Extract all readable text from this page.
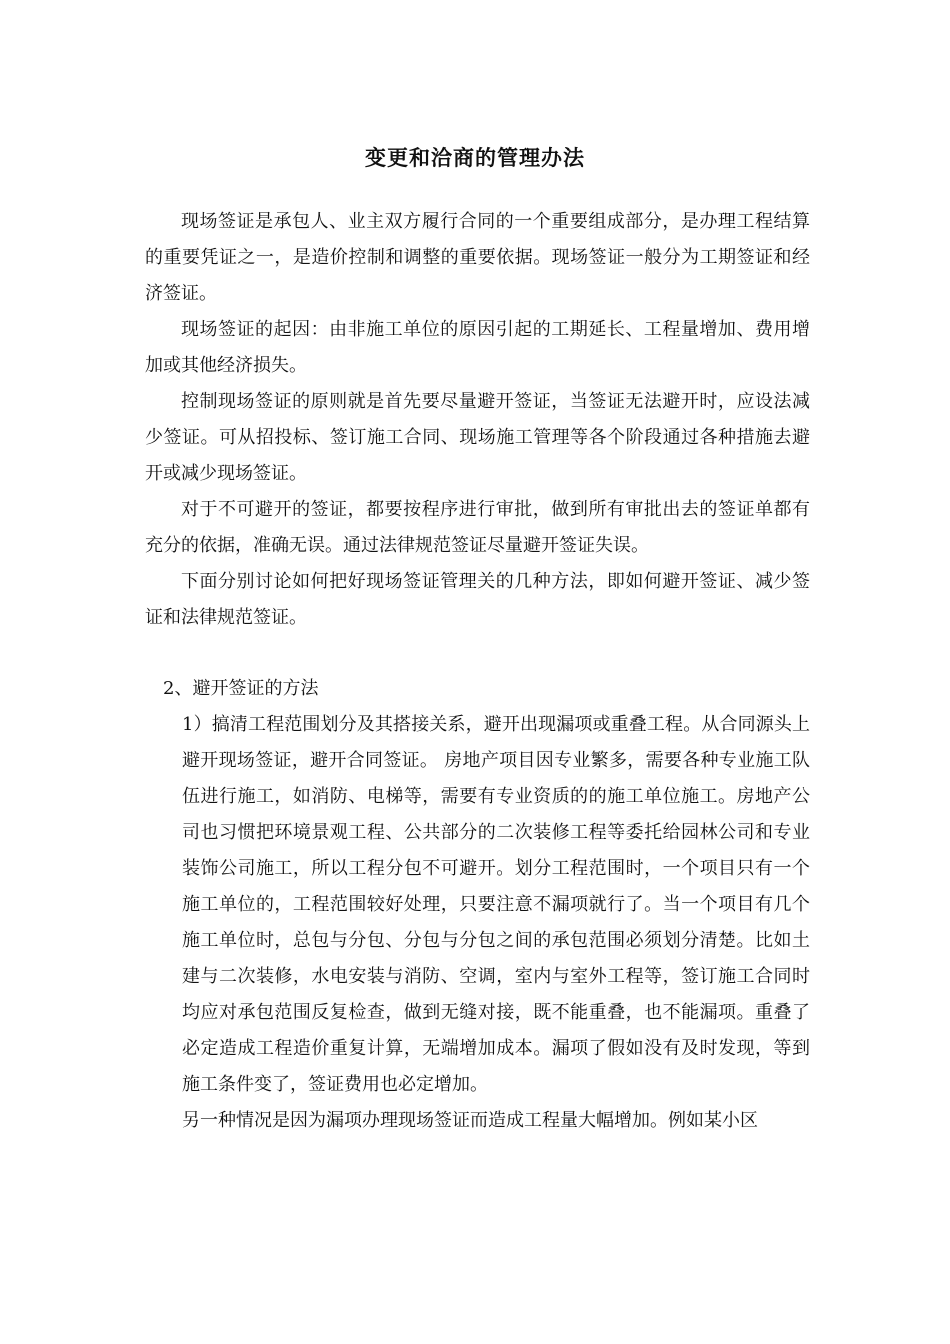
变更和洽商的管理办法

现场签证是承包人、业主双方履行合同的一个重要组成部分，是办理工程结算的重要凭证之一，是造价控制和调整的重要依据。现场签证一般分为工期签证和经济签证。

现场签证的起因：由非施工单位的原因引起的工期延长、工程量增加、费用增加或其他经济损失。

控制现场签证的原则就是首先要尽量避开签证，当签证无法避开时，应设法减少签证。可从招投标、签订施工合同、现场施工管理等各个阶段通过各种措施去避开或减少现场签证。

对于不可避开的签证，都要按程序进行审批，做到所有审批出去的签证单都有充分的依据，准确无误。通过法律规范签证尽量避开签证失误。

下面分别讨论如何把好现场签证管理关的几种方法，即如何避开签证、减少签证和法律规范签证。

2、避开签证的方法

1）搞清工程范围划分及其搭接关系，避开出现漏项或重叠工程。从合同源头上避开现场签证，避开合同签证。 房地产项目因专业繁多，需要各种专业施工队伍进行施工，如消防、电梯等，需要有专业资质的的施工单位施工。房地产公司也习惯把环境景观工程、公共部分的二次装修工程等委托给园林公司和专业装饰公司施工，所以工程分包不可避开。划分工程范围时，一个项目只有一个施工单位的，工程范围较好处理，只要注意不漏项就行了。当一个项目有几个施工单位时，总包与分包、分包与分包之间的承包范围必须划分清楚。比如土建与二次装修，水电安装与消防、空调，室内与室外工程等，签订施工合同时均应对承包范围反复检查，做到无缝对接，既不能重叠，也不能漏项。重叠了必定造成工程造价重复计算，无端增加成本。漏项了假如没有及时发现，等到施工条件变了，签证费用也必定增加。

另一种情况是因为漏项办理现场签证而造成工程量大幅增加。例如某小区
